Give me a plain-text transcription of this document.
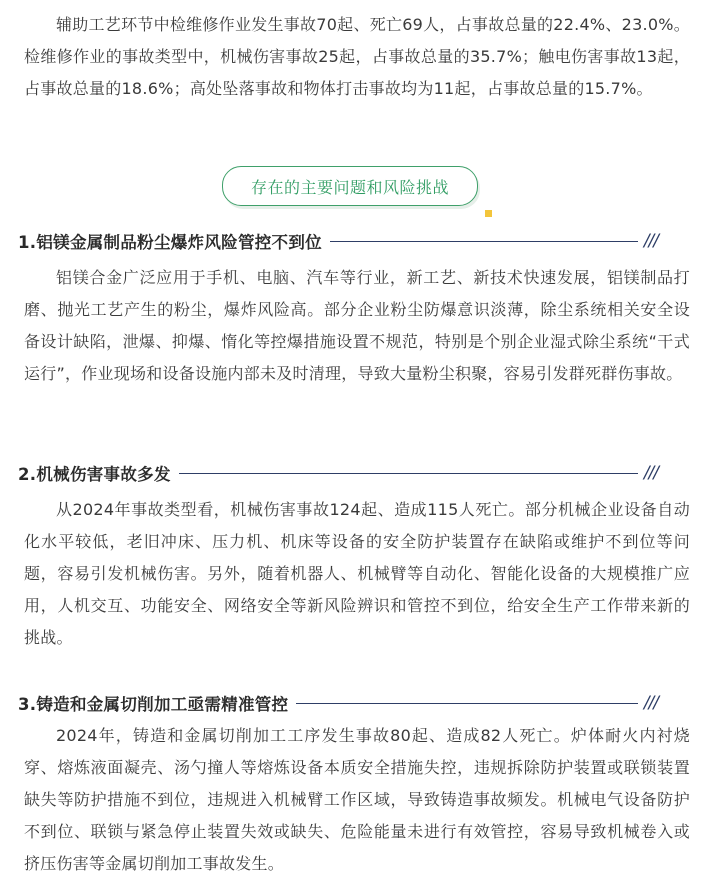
辅助工艺环节中检维修作业发生事故70起、死亡69人，占事故总量的22.4%、23.0%。检维修作业的事故类型中，机械伤害事故25起，占事故总量的35.7%；触电伤害事故13起，占事故总量的18.6%；高处坠落事故和物体打击事故均为11起，占事故总量的15.7%。

存在的主要问题和风险挑战
1.铝镁金属制品粉尘爆炸风险管控不到位	///

铝镁合金广泛应用于手机、电脑、汽车等行业，新工艺、新技术快速发展，铝镁制品打磨、抛光工艺产生的粉尘，爆炸风险高。部分企业粉尘防爆意识淡薄，除尘系统相关安全设备设计缺陷，泄爆、抑爆、惰化等控爆措施设置不规范，特别是个别企业湿式除尘系统“干式运行”，作业现场和设备设施内部未及时清理，导致大量粉尘积聚，容易引发群死群伤事故。

2.机械伤害事故多发	///

从2024年事故类型看，机械伤害事故124起、造成115人死亡。部分机械企业设备自动化水平较低，老旧冲床、压力机、机床等设备的安全防护装置存在缺陷或维护不到位等问题，容易引发机械伤害。另外，随着机器人、机械臂等自动化、智能化设备的大规模推广应用，人机交互、功能安全、网络安全等新风险辨识和管控不到位，给安全生产工作带来新的挑战。

3.铸造和金属切削加工亟需精准管控	///

2024年，铸造和金属切削加工工序发生事故80起、造成82人死亡。炉体耐火内衬烧穿、熔炼液面凝壳、汤勺撞人等熔炼设备本质安全措施失控，违规拆除防护装置或联锁装置缺失等防护措施不到位，违规进入机械臂工作区域，导致铸造事故频发。机械电气设备防护不到位、联锁与紧急停止装置失效或缺失、危险能量未进行有效管控，容易导致机械卷入或挤压伤害等金属切削加工事故发生。
